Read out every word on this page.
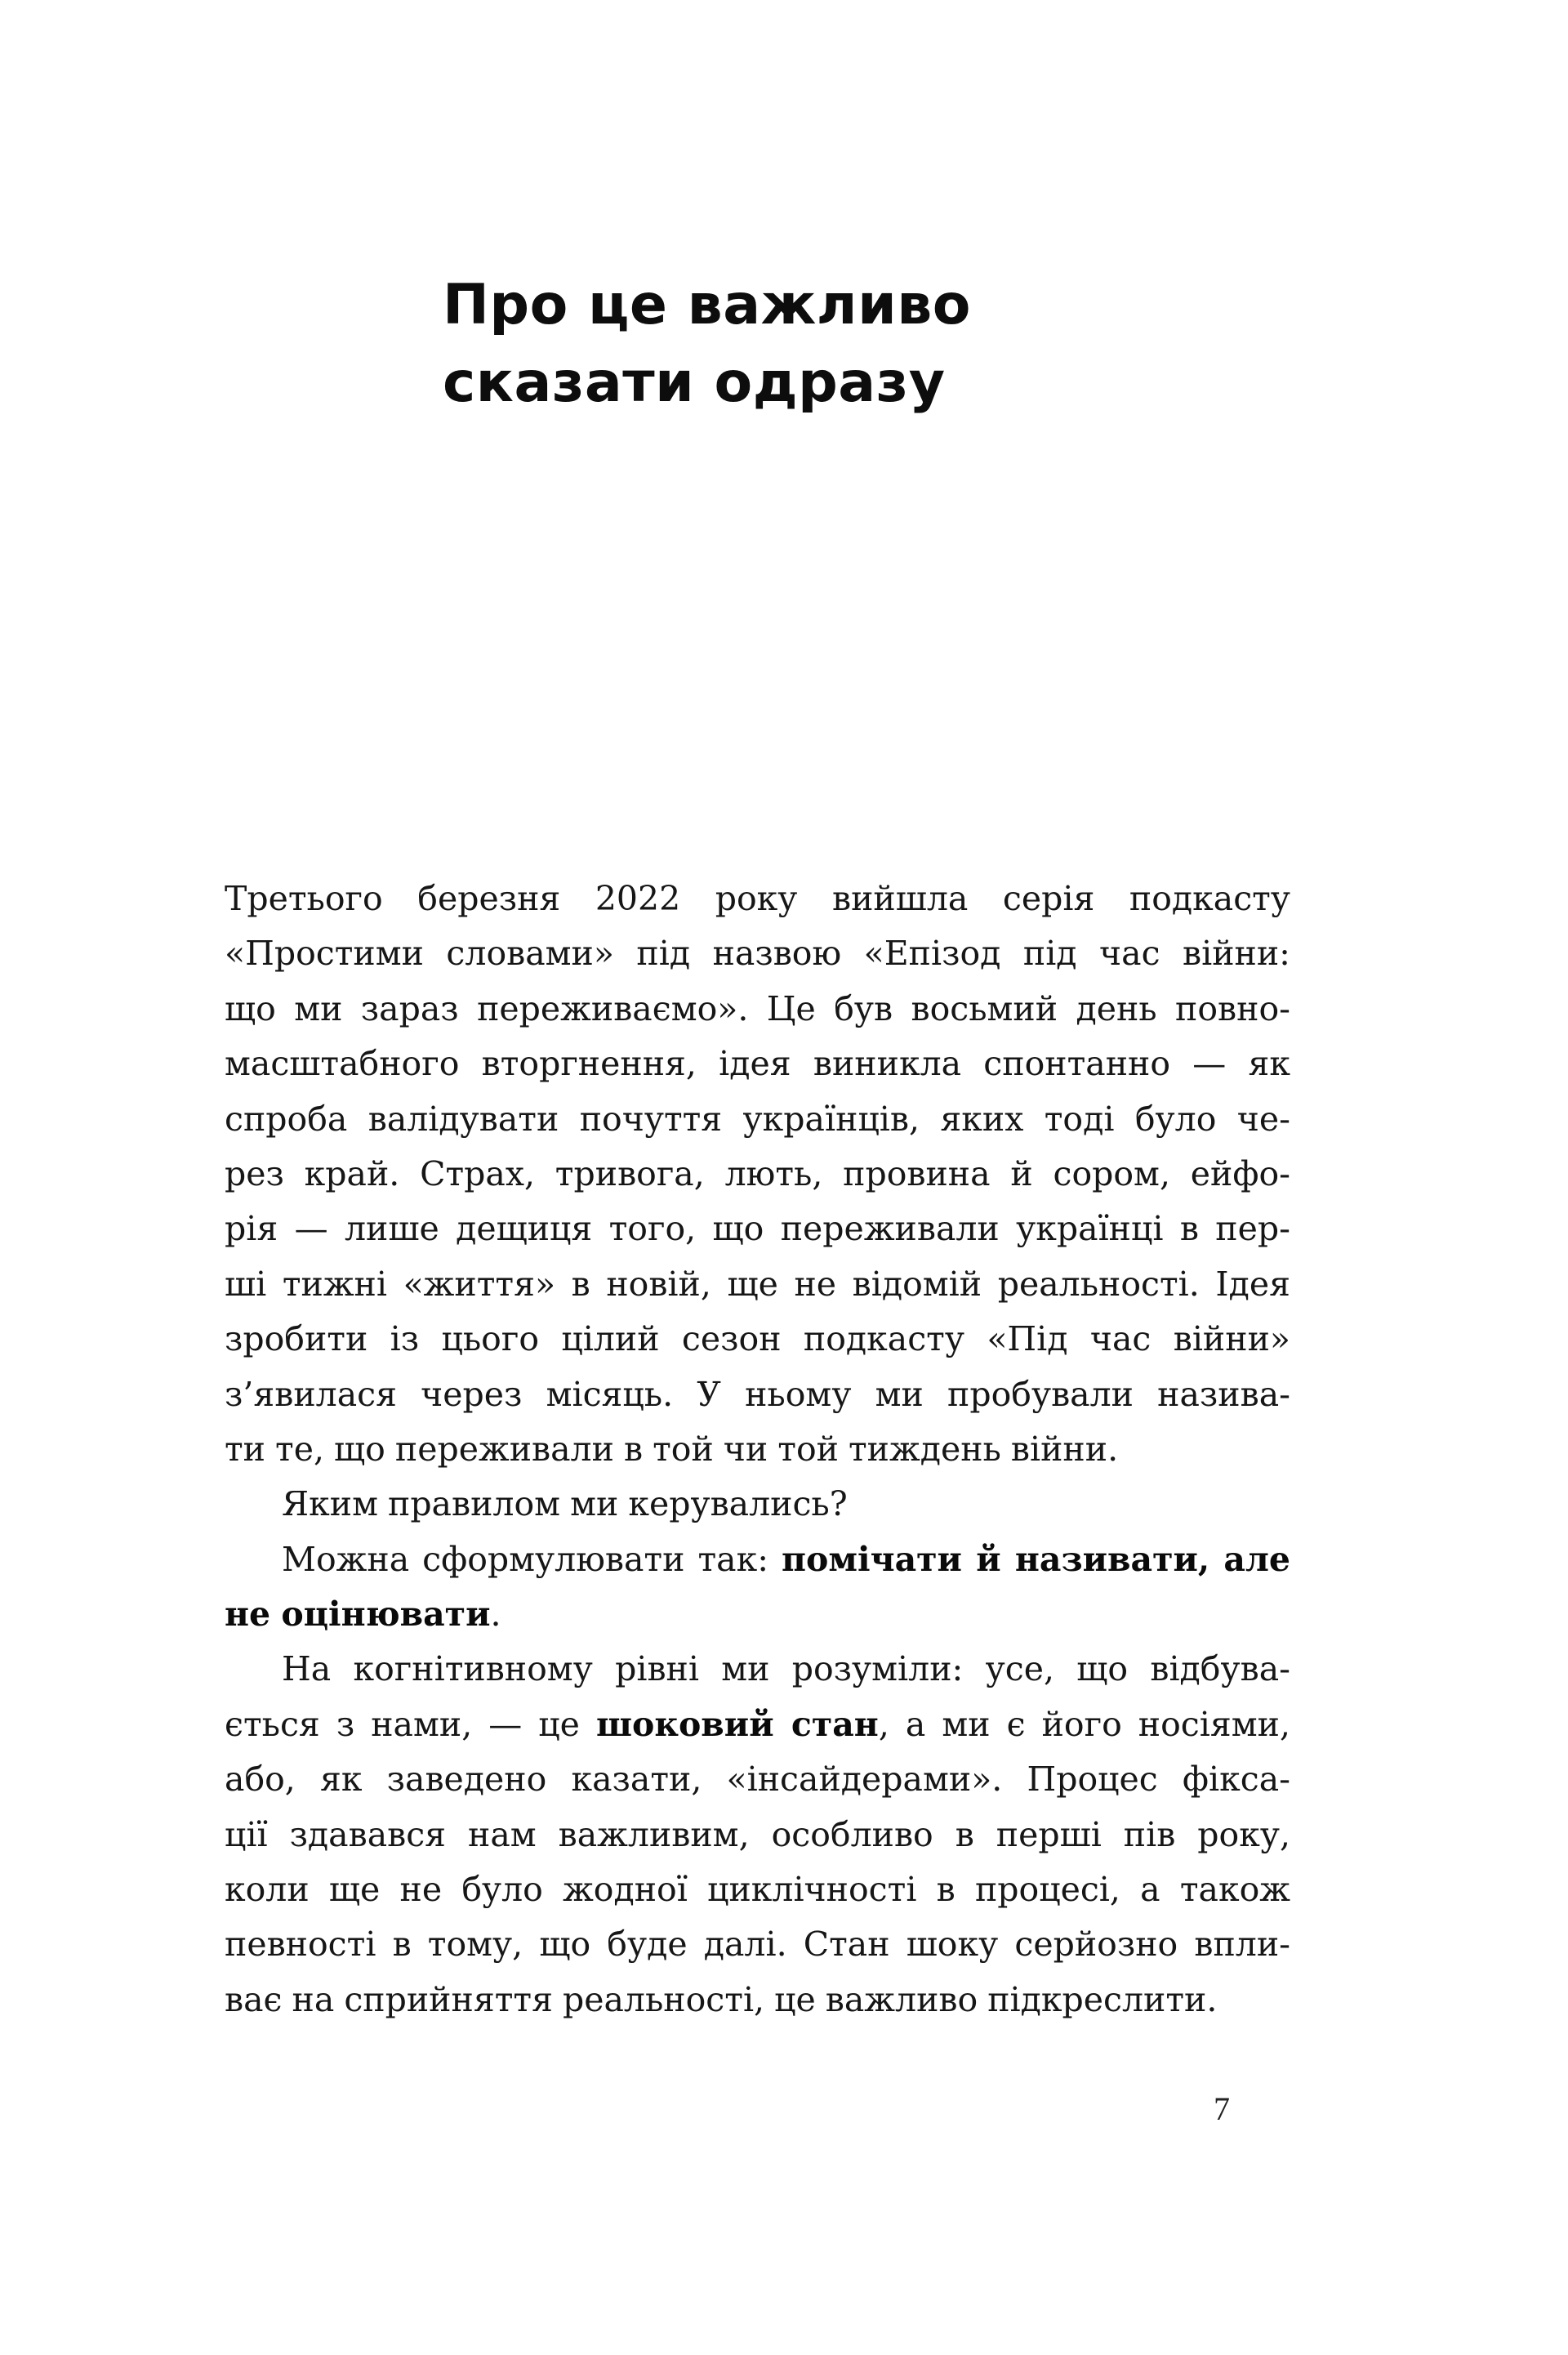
Про це важливо
сказати одразу
Третього березня 2022 року вийшла серія подкасту
«Простими словами» під назвою «Епізод під час війни:
що ми зараз переживаємо». Це був восьмий день повно-
масштабного вторгнення, ідея виникла спонтанно — як
спроба валідувати почуття українців, яких тоді було че-
рез край. Страх, тривога, лють, провина й сором, ейфо-
рія — лише дещиця того, що переживали українці в пер-
ші тижні «життя» в новій, ще не відомій реальності. Ідея
зробити із цього цілий сезон подкасту «Під час війни»
з’явилася через місяць. У ньому ми пробували назива-
ти те, що переживали в той чи той тиждень війни.
Яким правилом ми керувались?
Можна сформулювати так: помічати й називати, але
не оцінювати.
На когнітивному рівні ми розуміли: усе, що відбува-
ється з нами, — це шоковий стан, а ми є його носіями,
або, як заведено казати, «інсайдерами». Процес фікса-
ції здавався нам важливим, особливо в перші пів року,
коли ще не було жодної циклічності в процесі, а також
певності в тому, що буде далі. Стан шоку серйозно впли-
ває на сприйняття реальності, це важливо підкреслити.
7
